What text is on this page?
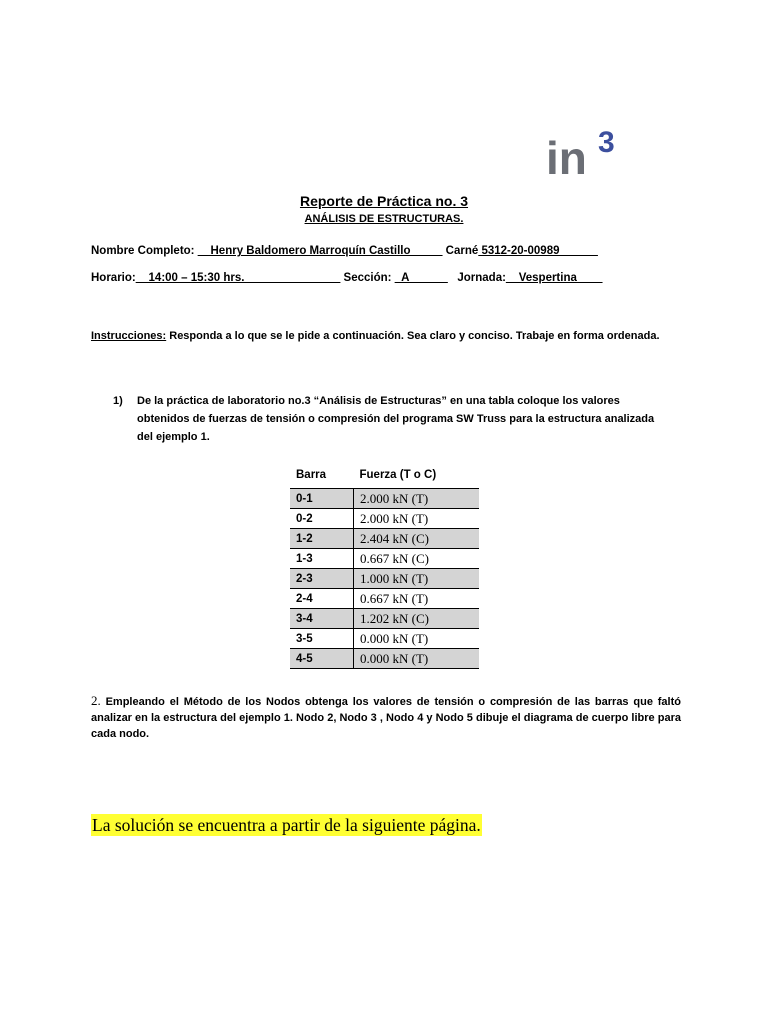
in 3
Reporte de Práctica no. 3
ANÁLISIS DE ESTRUCTURAS.
Nombre Completo: __Henry Baldomero Marroquín Castillo_____ Carné 5312-20-00989______
Horario:__14:00 – 15:30 hrs._______________ Sección: _A______   Jornada:__Vespertina____
Instrucciones: Responda a lo que se le pide a continuación. Sea claro y conciso. Trabaje en forma ordenada.
1) De la práctica de laboratorio no.3 “Análisis de Estructuras” en una tabla coloque los valores obtenidos de fuerzas de tensión o compresión del programa SW Truss para la estructura analizada del ejemplo 1.
Barra	Fuerza (T o C)
0-1	2.000 kN (T)
0-2	2.000 kN (T)
1-2	2.404 kN (C)
1-3	0.667 kN (C)
2-3	1.000 kN (T)
2-4	0.667 kN (T)
3-4	1.202 kN (C)
3-5	0.000 kN (T)
4-5	0.000 kN (T)
2. Empleando el Método de los Nodos obtenga los valores de tensión o compresión de las barras que faltó analizar en la estructura del ejemplo 1. Nodo 2, Nodo 3 , Nodo 4 y Nodo 5 dibuje el diagrama de cuerpo libre para cada nodo.
La solución se encuentra a partir de la siguiente página.
